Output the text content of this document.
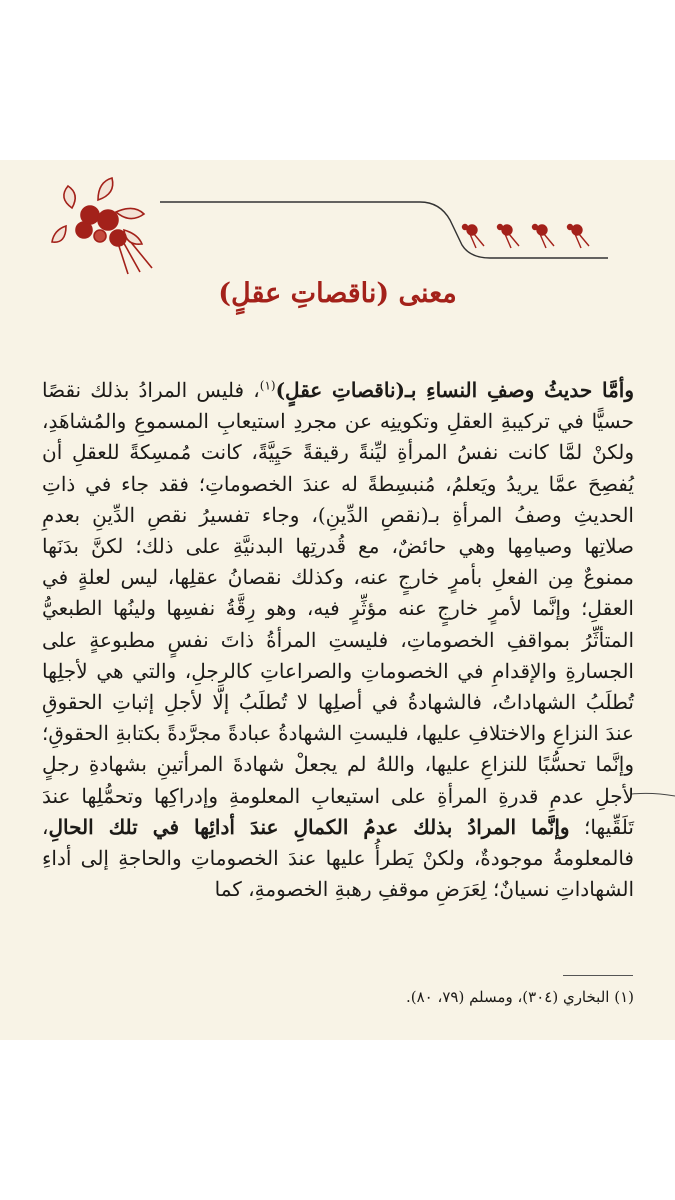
معنى (ناقصاتِ عقلٍ)

وأمَّا حديثُ وصفِ النساءِ بـ(ناقصاتِ عقلٍ)$^{(١)}$، فليس المرادُ بذلك نقصًا حسيًّا في تركيبةِ العقلِ وتكوينِه عن مجردِ استيعابِ المسموعِ والمُشاهَدِ، ولكنْ لمَّا كانت نفسُ المرأةِ ليِّنةً رقيقةً حَيِيَّةً، كانت مُمسِكةً للعقلِ أن يُفصِحَ عمَّا يريدُ ويَعلمُ، مُنبسِطةً له عندَ الخصوماتِ؛ فقد جاء في ذاتِ الحديثِ وصفُ المرأةِ بـ(نقصِ الدِّينِ)، وجاء تفسيرُ نقصِ الدِّينِ بعدمِ صلاتِها وصيامِها وهي حائضٌ، مع قُدرتِها البدنيَّةِ على ذلك؛ لكنَّ بدَنَها ممنوعٌ مِن الفعلِ بأمرٍ خارجٍ عنه، وكذلك نقصانُ عقلِها، ليس لعلةٍ في العقلِ؛ وإنَّما لأمرٍ خارجٍ عنه مؤثِّرٍ فيه، وهو رِقَّةُ نفسِها ولينُها الطبعيُّ المتأثِّرُ بمواقفِ الخصوماتِ، فليستِ المرأةُ ذاتَ نفسٍ مطبوعةٍ على الجسارةِ والإقدامِ في الخصوماتِ والصراعاتِ كالرجلِ، والتي هي لأجلِها تُطلَبُ الشهاداتُ، فالشهادةُ في أصلِها لا تُطلَبُ إلَّا لأجلِ إثباتِ الحقوقِ عندَ النزاعِ والاختلافِ عليها، فليستِ الشهادةُ عبادةً مجرَّدةً بكتابةِ الحقوقِ؛ وإنَّما تحسُّبًا للنزاعِ عليها، واللهُ لم يجعلْ شهادةَ المرأتينِ بشهادةِ رجلٍ لأجلِ عدمِ قدرةِ المرأةِ على استيعابِ المعلومةِ وإدراكِها وتحمُّلِها عندَ تَلَقِّيها؛ وإنَّما المرادُ بذلك عدمُ الكمالِ عندَ أدائِها في تلك الحالِ، فالمعلومةُ موجودةٌ، ولكنْ يَطرأُ عليها عندَ الخصوماتِ والحاجةِ إلى أداءِ الشهاداتِ نسيانٌ؛ لِعَرَضِ موقفِ رهبةِ الخصومةِ، كما

(١) البخاري (٣٠٤)، ومسلم (٧٩، ٨٠).
